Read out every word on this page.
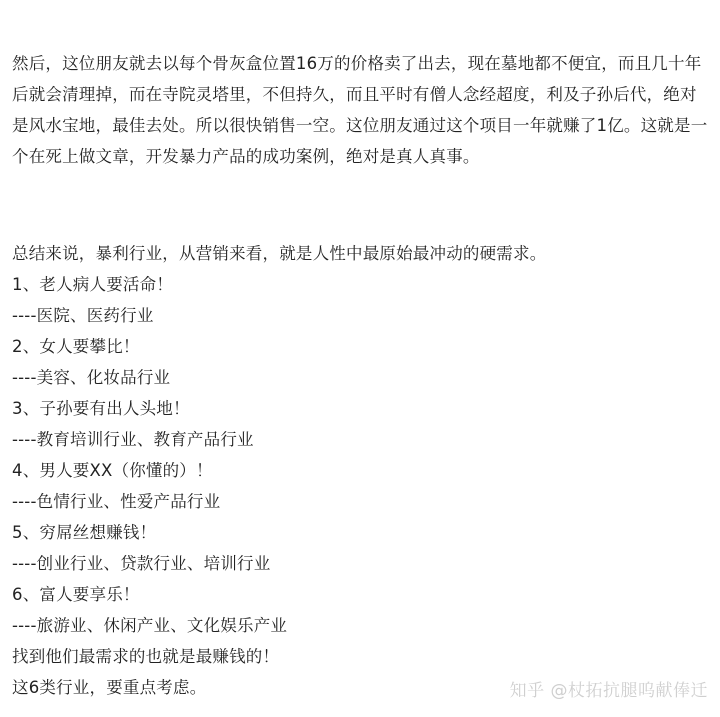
然后，这位朋友就去以每个骨灰盒位置16万的价格卖了出去，现在墓地都不便宜，而且几十年后就会清理掉，而在寺院灵塔里，不但持久，而且平时有僧人念经超度，利及子孙后代，绝对是风水宝地，最佳去处。所以很快销售一空。这位朋友通过这个项目一年就赚了1亿。这就是一个在死上做文章，开发暴力产品的成功案例，绝对是真人真事。

总结来说，暴利行业，从营销来看，就是人性中最原始最冲动的硬需求。

1、老人病人要活命！

----医院、医药行业

2、女人要攀比！

----美容、化妆品行业

3、子孙要有出人头地！

----教育培训行业、教育产品行业

4、男人要XX（你懂的）！

----色情行业、性爱产品行业

5、穷屌丝想赚钱！

----创业行业、贷款行业、培训行业

6、富人要享乐！

----旅游业、休闲产业、文化娱乐产业

找到他们最需求的也就是最赚钱的！

这6类行业，要重点考虑。	知乎 @杖拓抗腿呜献俸迁
